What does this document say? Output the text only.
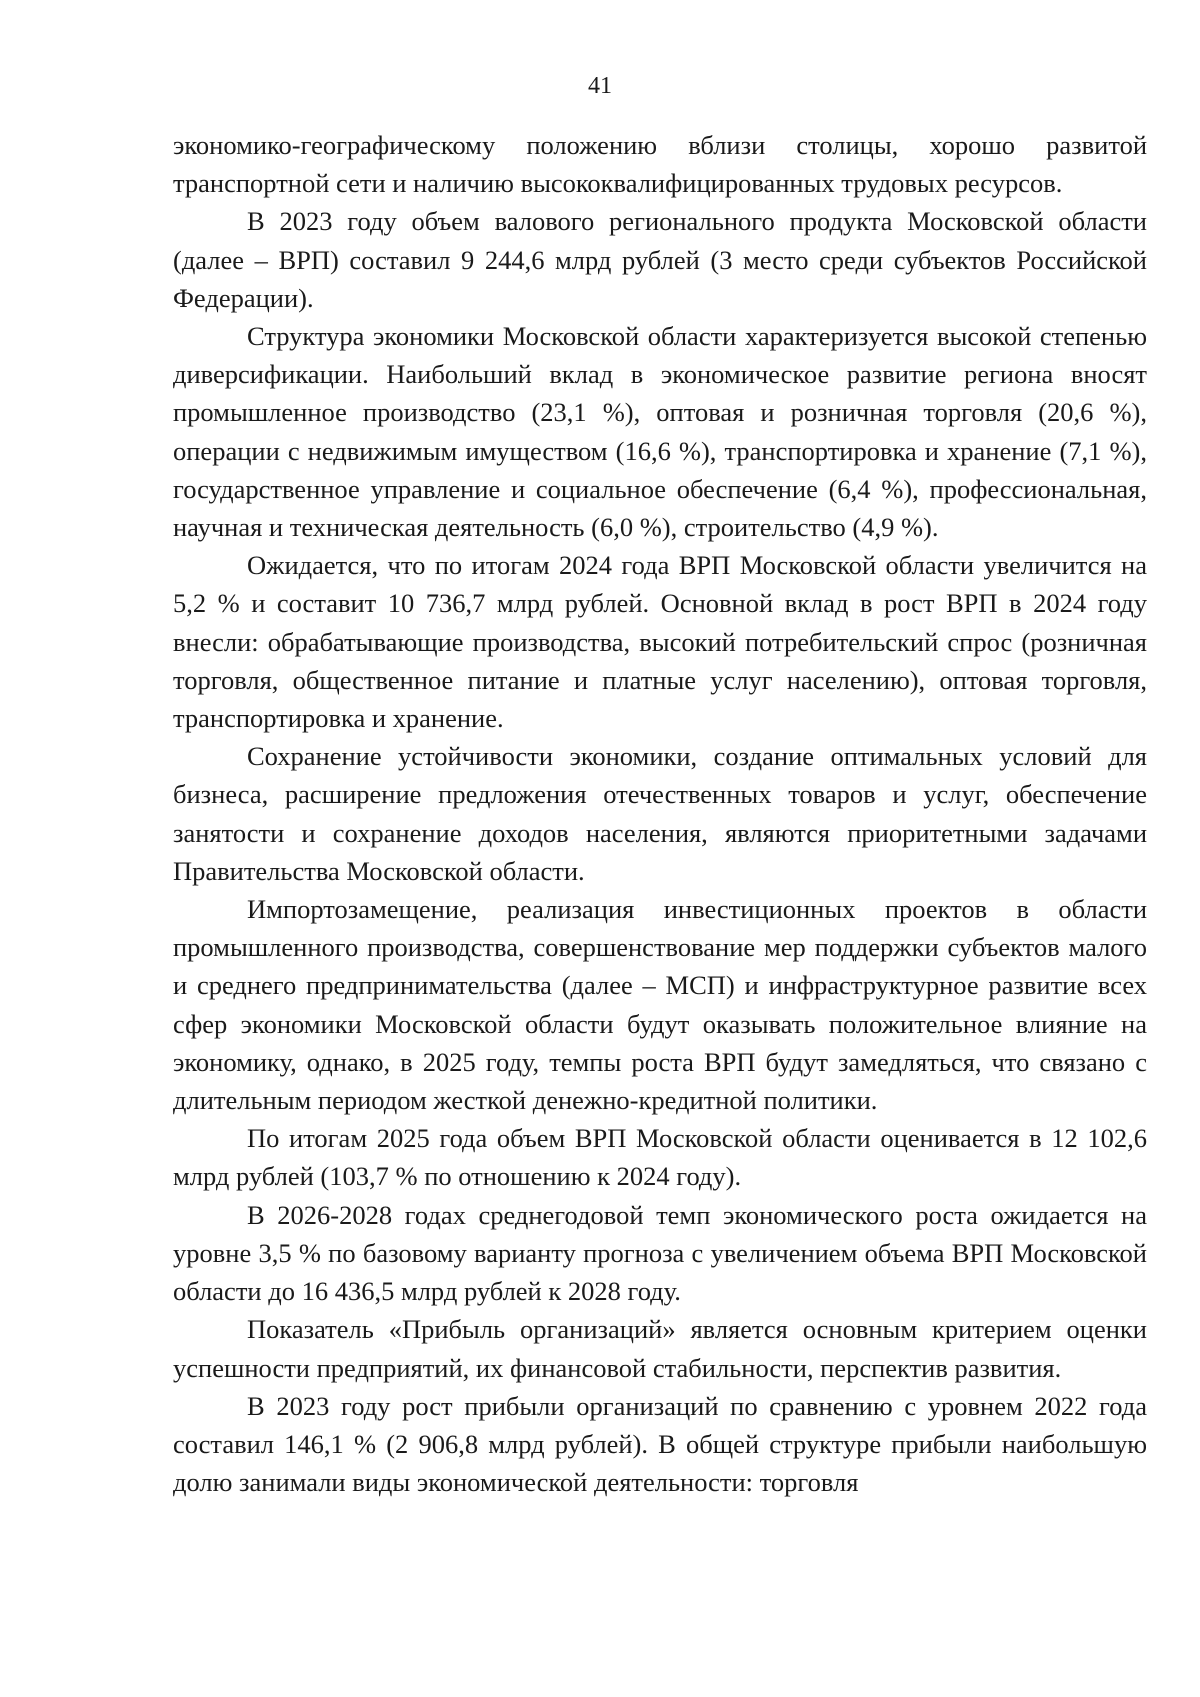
41

экономико-географическому положению вблизи столицы, хорошо развитой транспортной сети и наличию высококвалифицированных трудовых ресурсов.

В 2023 году объем валового регионального продукта Московской области (далее – ВРП) составил 9 244,6 млрд рублей (3 место среди субъектов Российской Федерации).

Структура экономики Московской области характеризуется высокой степенью диверсификации. Наибольший вклад в экономическое развитие региона вносят промышленное производство (23,1 %), оптовая и розничная торговля (20,6 %), операции с недвижимым имуществом (16,6 %), транспортировка и хранение (7,1 %), государственное управление и социальное обеспечение (6,4 %), профессиональная, научная и техническая деятельность (6,0 %), строительство (4,9 %).

Ожидается, что по итогам 2024 года ВРП Московской области увеличится на 5,2 % и составит 10 736,7 млрд рублей. Основной вклад в рост ВРП в 2024 году внесли: обрабатывающие производства, высокий потребительский спрос (розничная торговля, общественное питание и платные услуг населению), оптовая торговля, транспортировка и хранение.

Сохранение устойчивости экономики, создание оптимальных условий для бизнеса, расширение предложения отечественных товаров и услуг, обеспечение занятости и сохранение доходов населения, являются приоритетными задачами Правительства Московской области.

Импортозамещение, реализация инвестиционных проектов в области промышленного производства, совершенствование мер поддержки субъектов малого и среднего предпринимательства (далее – МСП) и инфраструктурное развитие всех сфер экономики Московской области будут оказывать положительное влияние на экономику, однако, в 2025 году, темпы роста ВРП будут замедляться, что связано с длительным периодом жесткой денежно-кредитной политики.

По итогам 2025 года объем ВРП Московской области оценивается в 12 102,6 млрд рублей (103,7 % по отношению к 2024 году).

В 2026-2028 годах среднегодовой темп экономического роста ожидается на уровне 3,5 % по базовому варианту прогноза с увеличением объема ВРП Московской области до 16 436,5 млрд рублей к 2028 году.

Показатель «Прибыль организаций» является основным критерием оценки успешности предприятий, их финансовой стабильности, перспектив развития.

В 2023 году рост прибыли организаций по сравнению с уровнем 2022 года составил 146,1 % (2 906,8 млрд рублей). В общей структуре прибыли наибольшую долю занимали виды экономической деятельности: торговля
